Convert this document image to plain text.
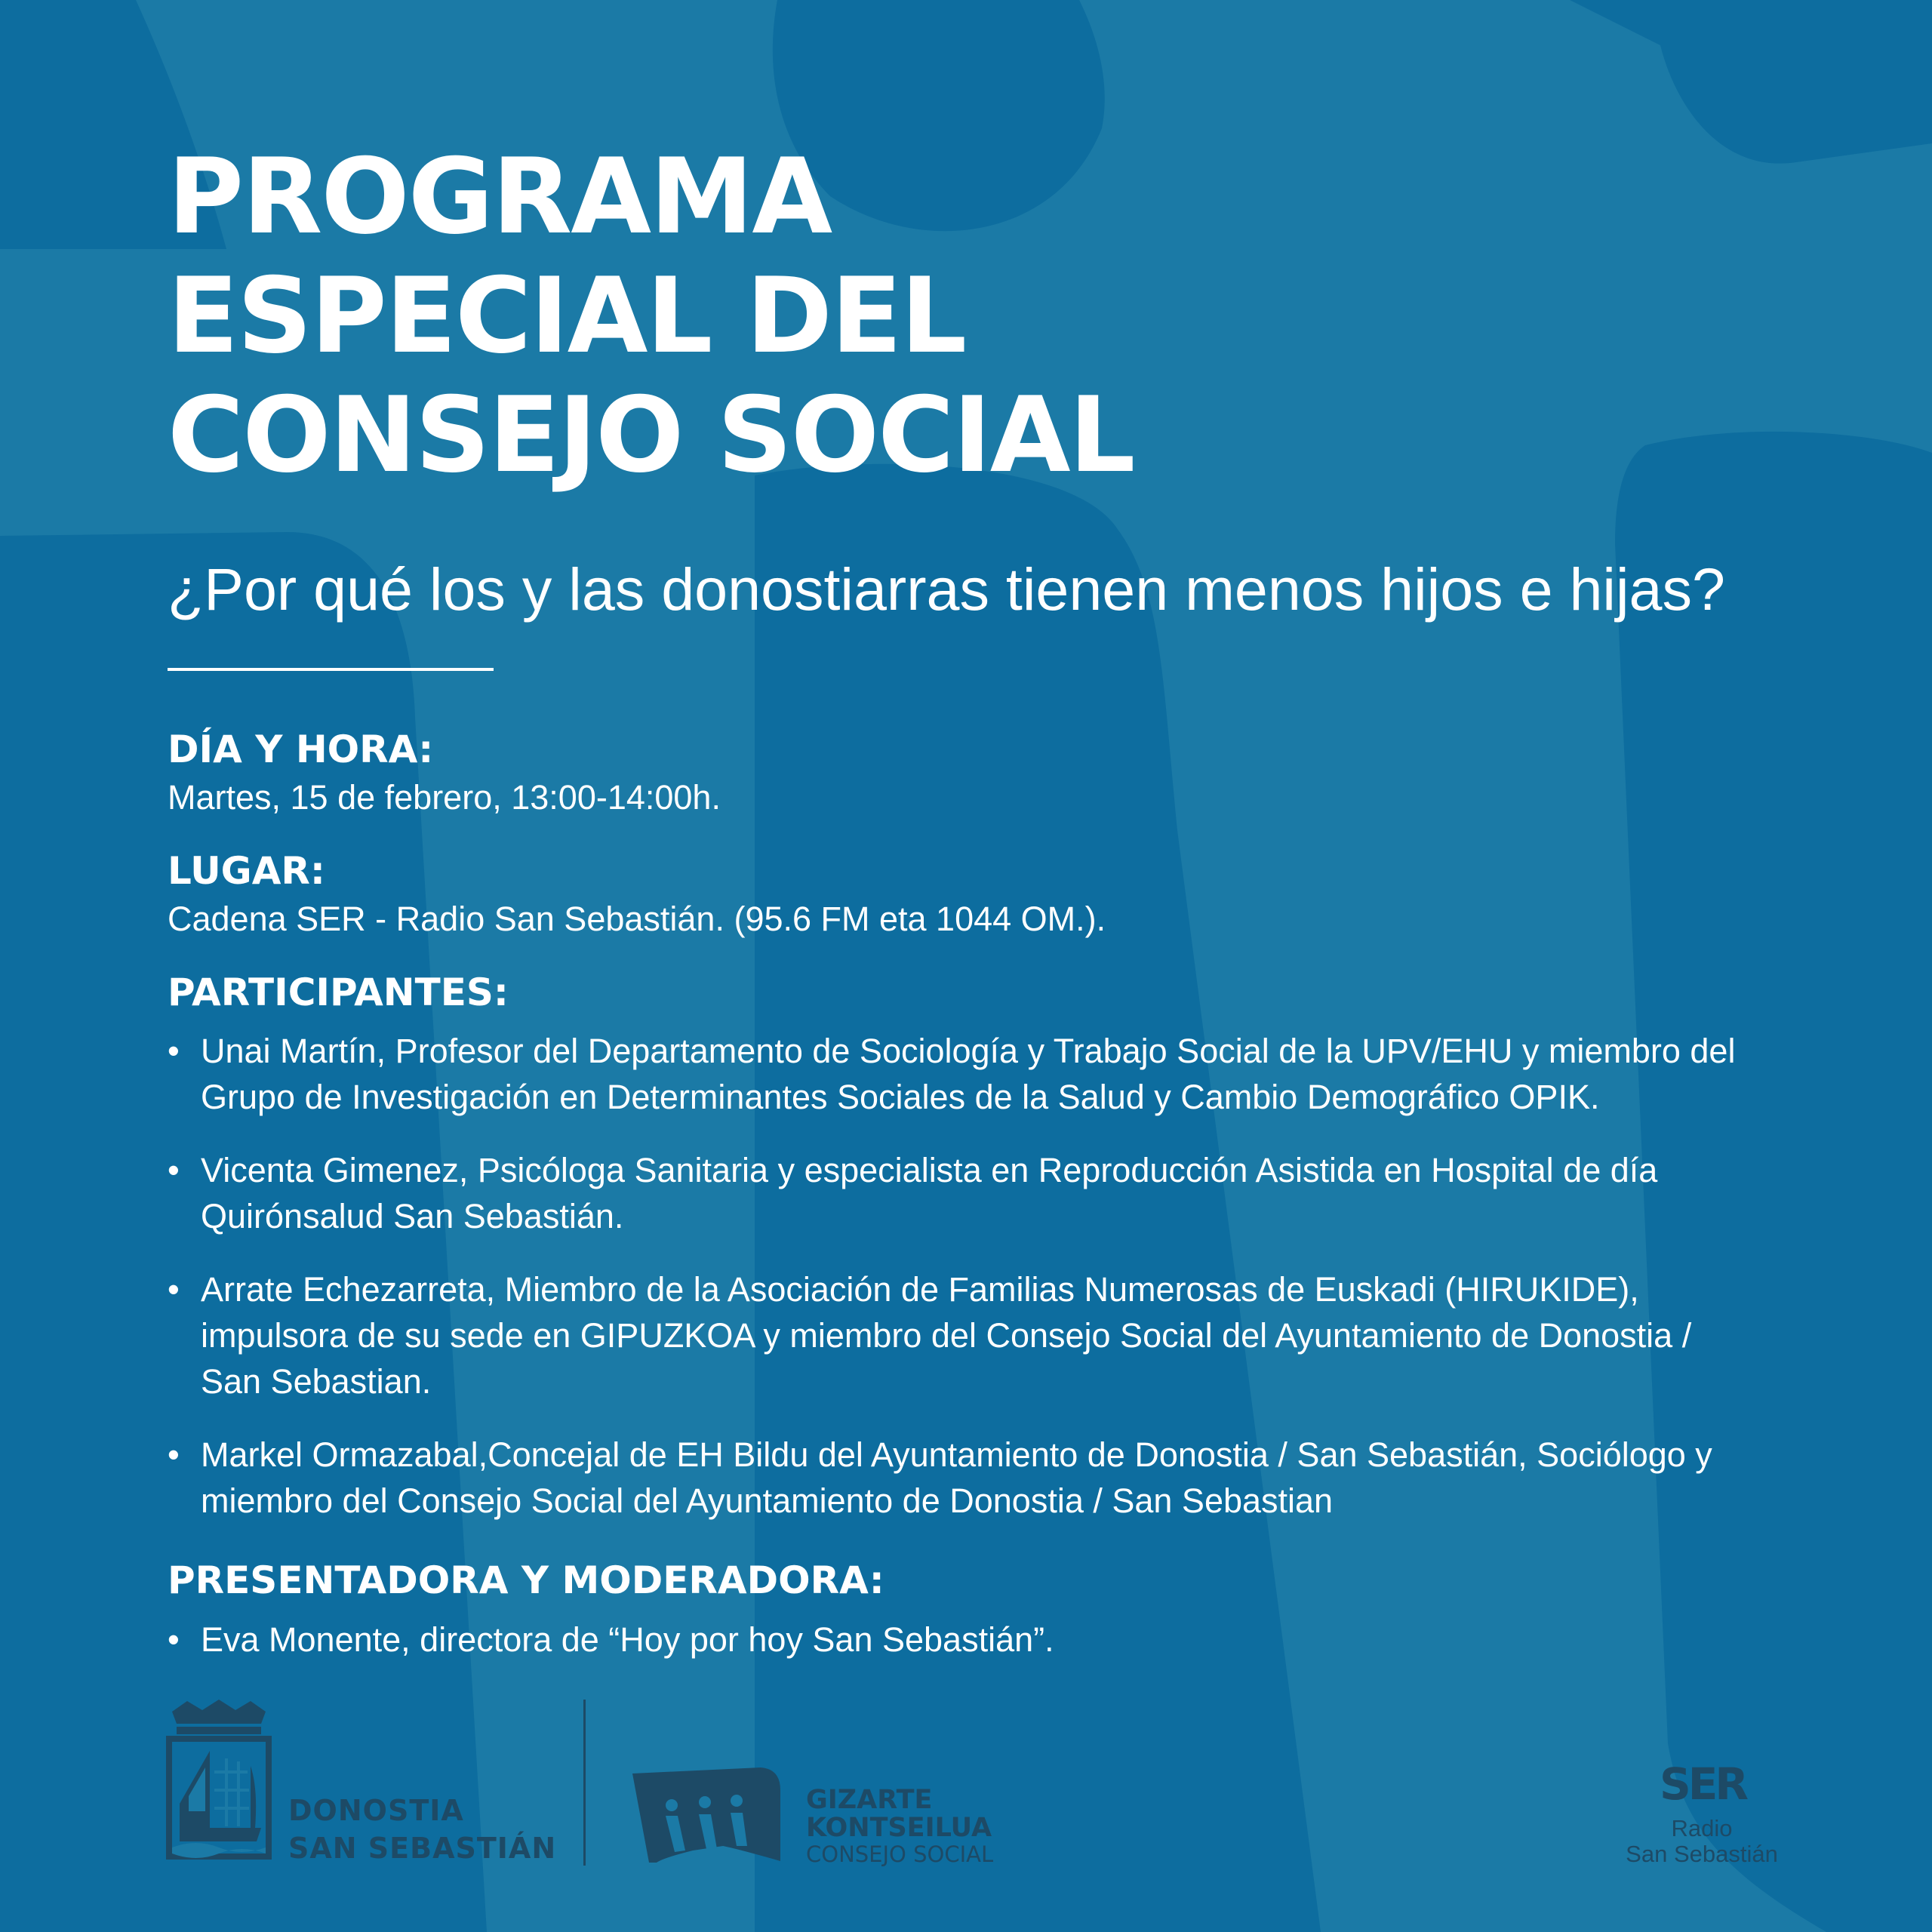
PROGRAMA
ESPECIAL DEL
CONSEJO SOCIAL
¿Por qué los y las donostiarras tienen menos hijos e hijas?
DÍA Y HORA:

Martes, 15 de febrero, 13:00-14:00h.

LUGAR:

Cadena SER - Radio San Sebastián. (95.6 FM eta 1044 OM.).

PARTICIPANTES:
• Unai Martín, Profesor del Departamento de Sociología y Trabajo Social de la UPV/EHU y miembro del
Grupo de Investigación en Determinantes Sociales de la Salud y Cambio Demográfico OPIK.
• Vicenta Gimenez, Psicóloga Sanitaria y especialista en Reproducción Asistida en Hospital de día
Quirónsalud San Sebastián.
• Arrate Echezarreta, Miembro de la Asociación de Familias Numerosas de Euskadi (HIRUKIDE),
impulsora de su sede en GIPUZKOA y miembro del Consejo Social del Ayuntamiento de Donostia /
San Sebastian.
• Markel Ormazabal,Concejal de EH Bildu del Ayuntamiento de Donostia / San Sebastián, Sociólogo y
miembro del Consejo Social del Ayuntamiento de Donostia / San Sebastian
PRESENTADORA Y MODERADORA:
• Eva Monente, directora de “Hoy por hoy San Sebastián”.
DONOSTIA
SAN SEBASTIÁN
GIZARTE
KONTSEILUA
CONSEJO SOCIAL
SER
Radio
San Sebastián
